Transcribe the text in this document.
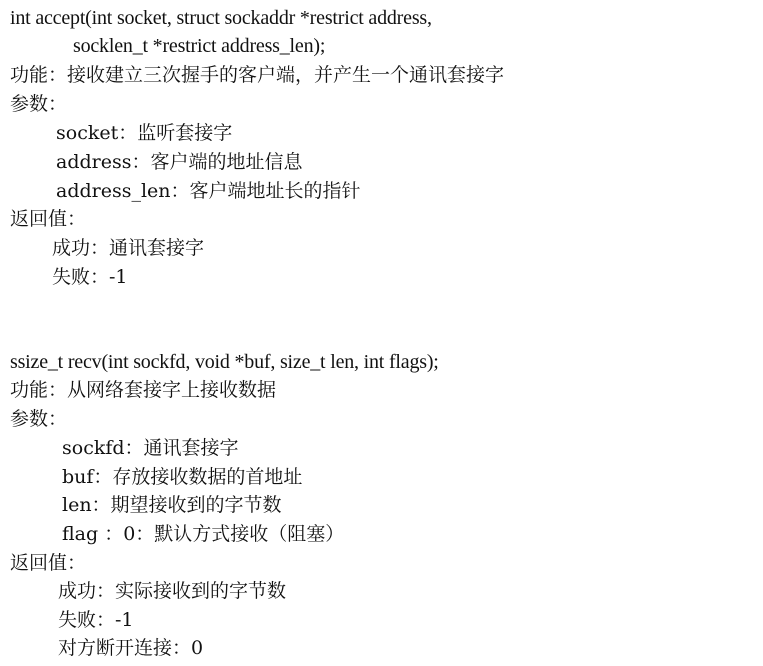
int accept(int socket, struct sockaddr *restrict address,
socklen_t *restrict address_len);
功能：接收建立三次握手的客户端，并产生一个通讯套接字
参数：
socket：监听套接字
address：客户端的地址信息
address_len：客户端地址长的指针
返回值：
成功：通讯套接字
失败：-1
ssize_t recv(int sockfd, void *buf, size_t len, int flags);
功能：从网络套接字上接收数据
参数：
sockfd：通讯套接字
buf：存放接收数据的首地址
len：期望接收到的字节数
flag ：0：默认方式接收（阻塞）
返回值：
成功：实际接收到的字节数
失败：-1
对方断开连接：0
